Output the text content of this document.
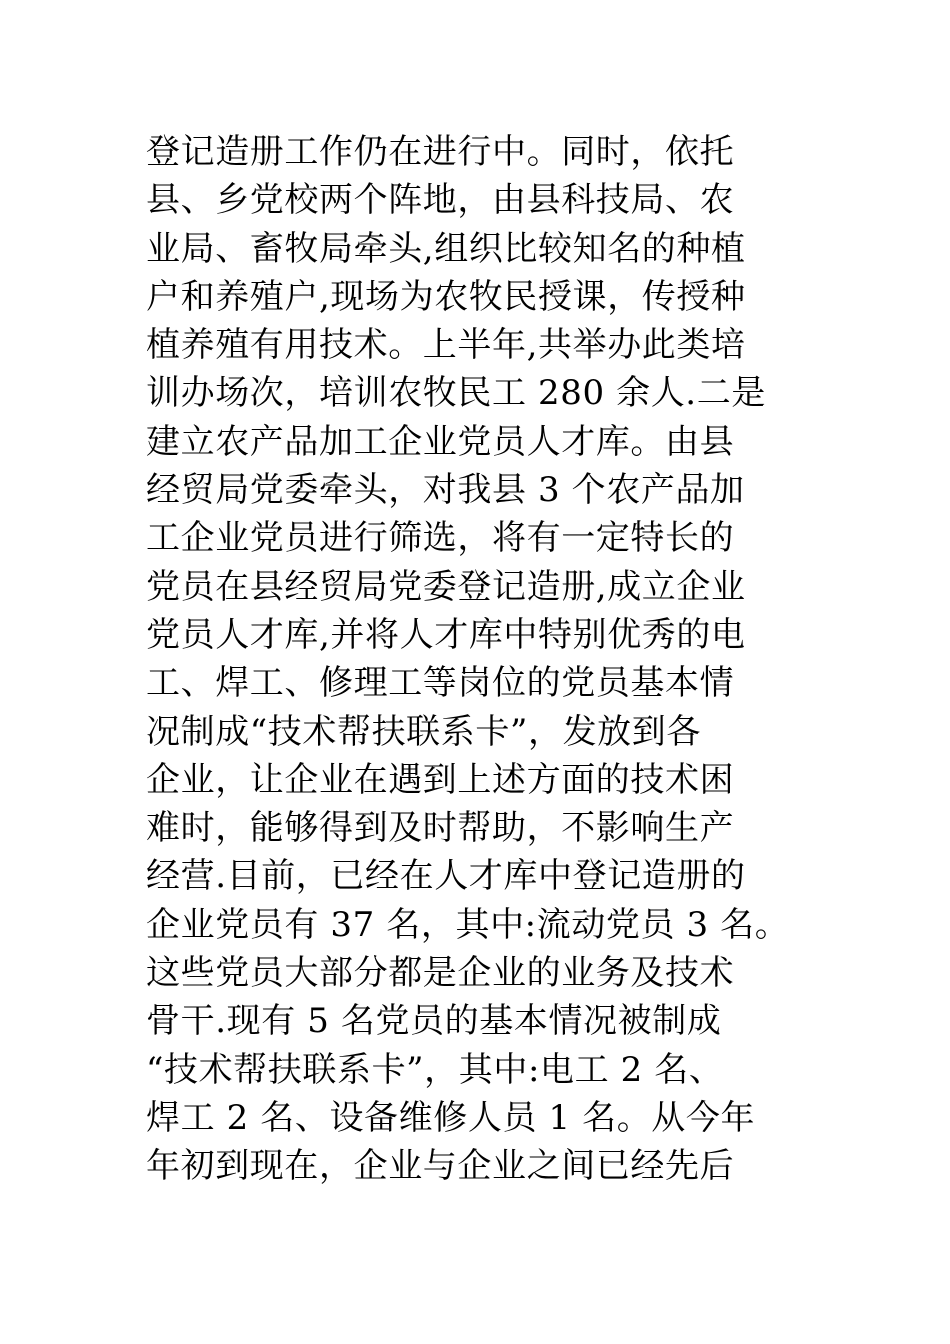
登记造册工作仍在进行中。同时，依托
县、乡党校两个阵地，由县科技局、农
业局、畜牧局牵头,组织比较知名的种植
户和养殖户,现场为农牧民授课，传授种
植养殖有用技术。上半年,共举办此类培
训办场次，培训农牧民工 280 余人.二是
建立农产品加工企业党员人才库。由县
经贸局党委牵头，对我县 3 个农产品加
工企业党员进行筛选，将有一定特长的
党员在县经贸局党委登记造册,成立企业
党员人才库,并将人才库中特别优秀的电
工、焊工、修理工等岗位的党员基本情
况制成“技术帮扶联系卡”，发放到各
企业，让企业在遇到上述方面的技术困
难时，能够得到及时帮助，不影响生产
经营.目前，已经在人才库中登记造册的
企业党员有 37 名，其中:流动党员 3 名。
这些党员大部分都是企业的业务及技术
骨干.现有 5 名党员的基本情况被制成
“技术帮扶联系卡”，其中:电工 2 名、
焊工 2 名、设备维修人员 1 名。从今年
年初到现在，企业与企业之间已经先后
